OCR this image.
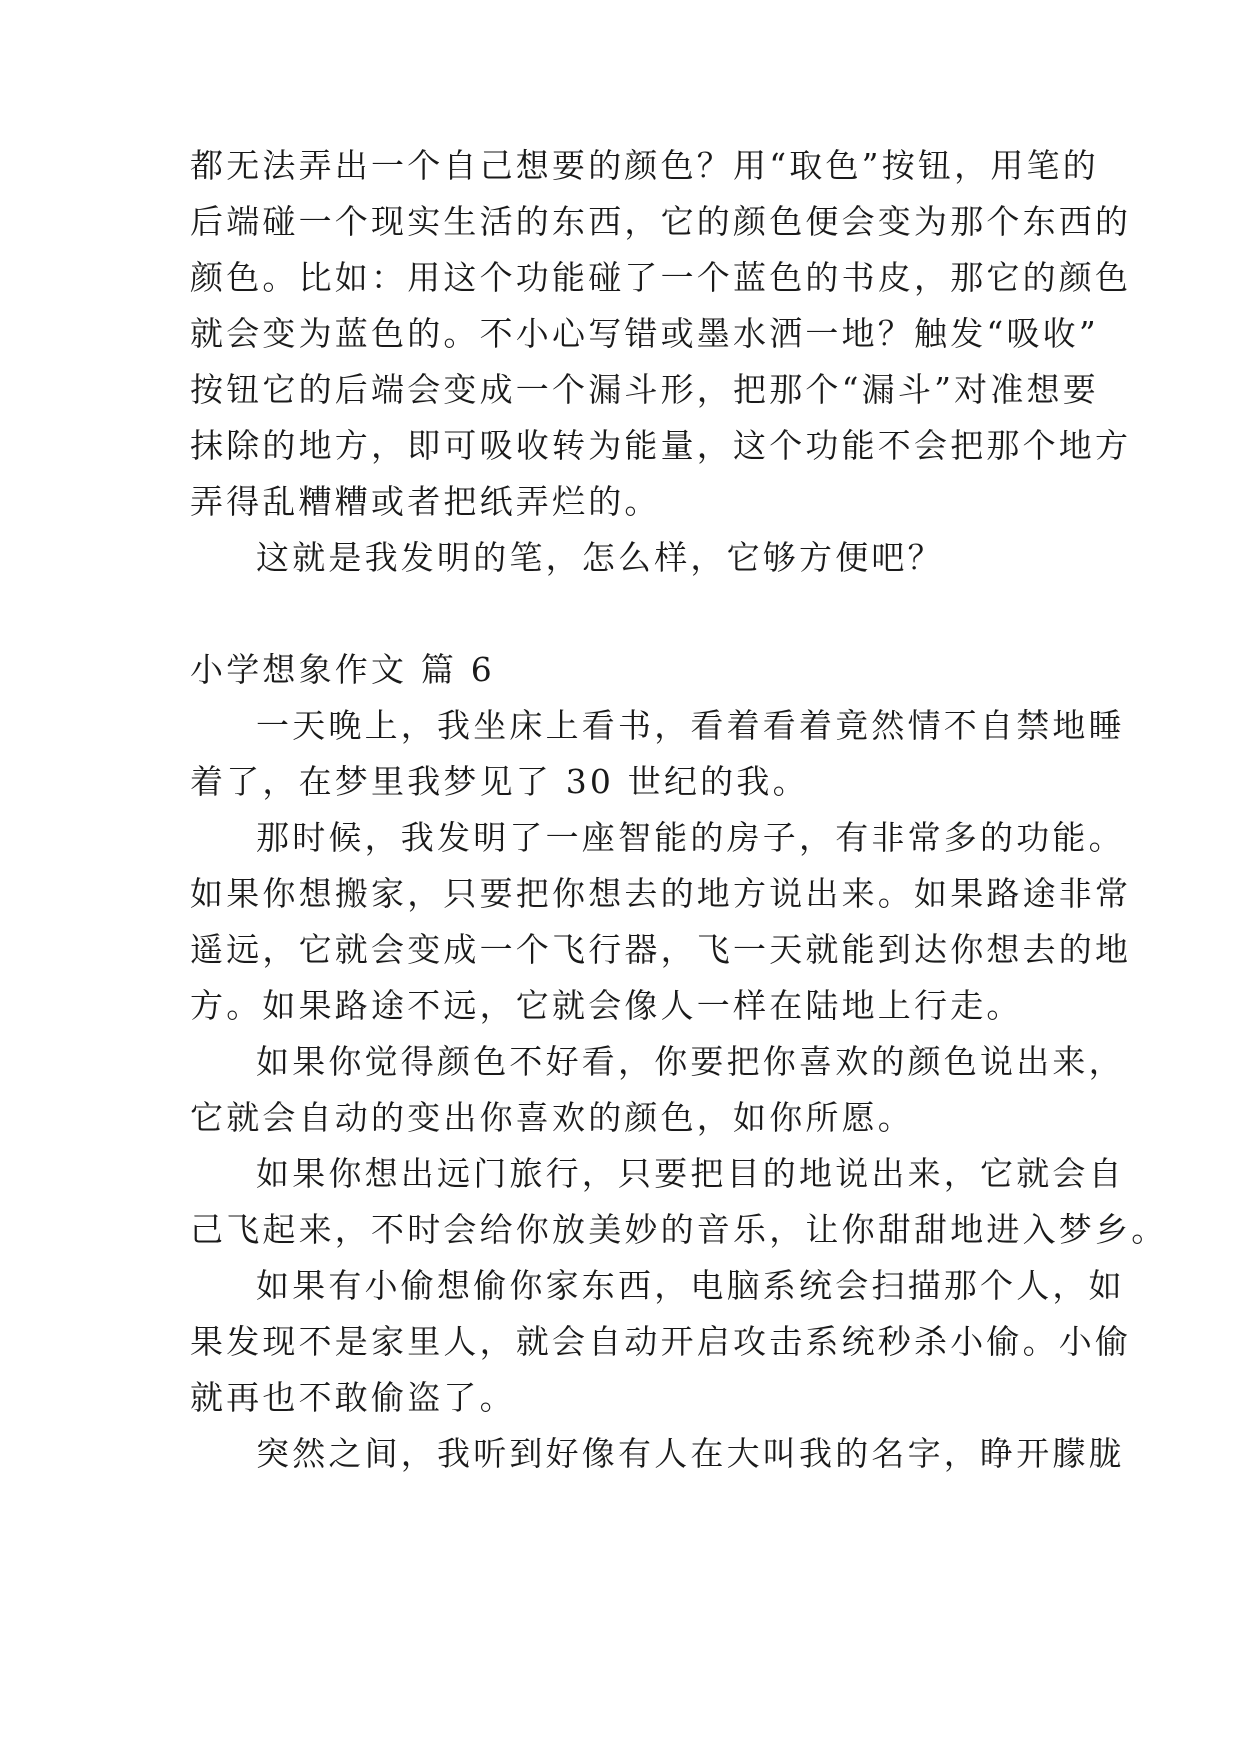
都无法弄出一个自己想要的颜色？用“取色”按钮，用笔的

后端碰一个现实生活的东西，它的颜色便会变为那个东西的

颜色。比如：用这个功能碰了一个蓝色的书皮，那它的颜色

就会变为蓝色的。不小心写错或墨水洒一地？触发“吸收”

按钮它的后端会变成一个漏斗形，把那个“漏斗”对准想要

抹除的地方，即可吸收转为能量，这个功能不会把那个地方

弄得乱糟糟或者把纸弄烂的。

这就是我发明的笔，怎么样，它够方便吧？

小学想象作文 篇 6

一天晚上，我坐床上看书，看着看着竟然情不自禁地睡

着了，在梦里我梦见了 30 世纪的我。

那时候，我发明了一座智能的房子，有非常多的功能。

如果你想搬家，只要把你想去的地方说出来。如果路途非常

遥远，它就会变成一个飞行器，飞一天就能到达你想去的地

方。如果路途不远，它就会像人一样在陆地上行走。

如果你觉得颜色不好看，你要把你喜欢的颜色说出来，

它就会自动的变出你喜欢的颜色，如你所愿。

如果你想出远门旅行，只要把目的地说出来，它就会自

己飞起来，不时会给你放美妙的音乐，让你甜甜地进入梦乡。

如果有小偷想偷你家东西，电脑系统会扫描那个人，如

果发现不是家里人，就会自动开启攻击系统秒杀小偷。小偷

就再也不敢偷盗了。

突然之间，我听到好像有人在大叫我的名字，睁开朦胧
